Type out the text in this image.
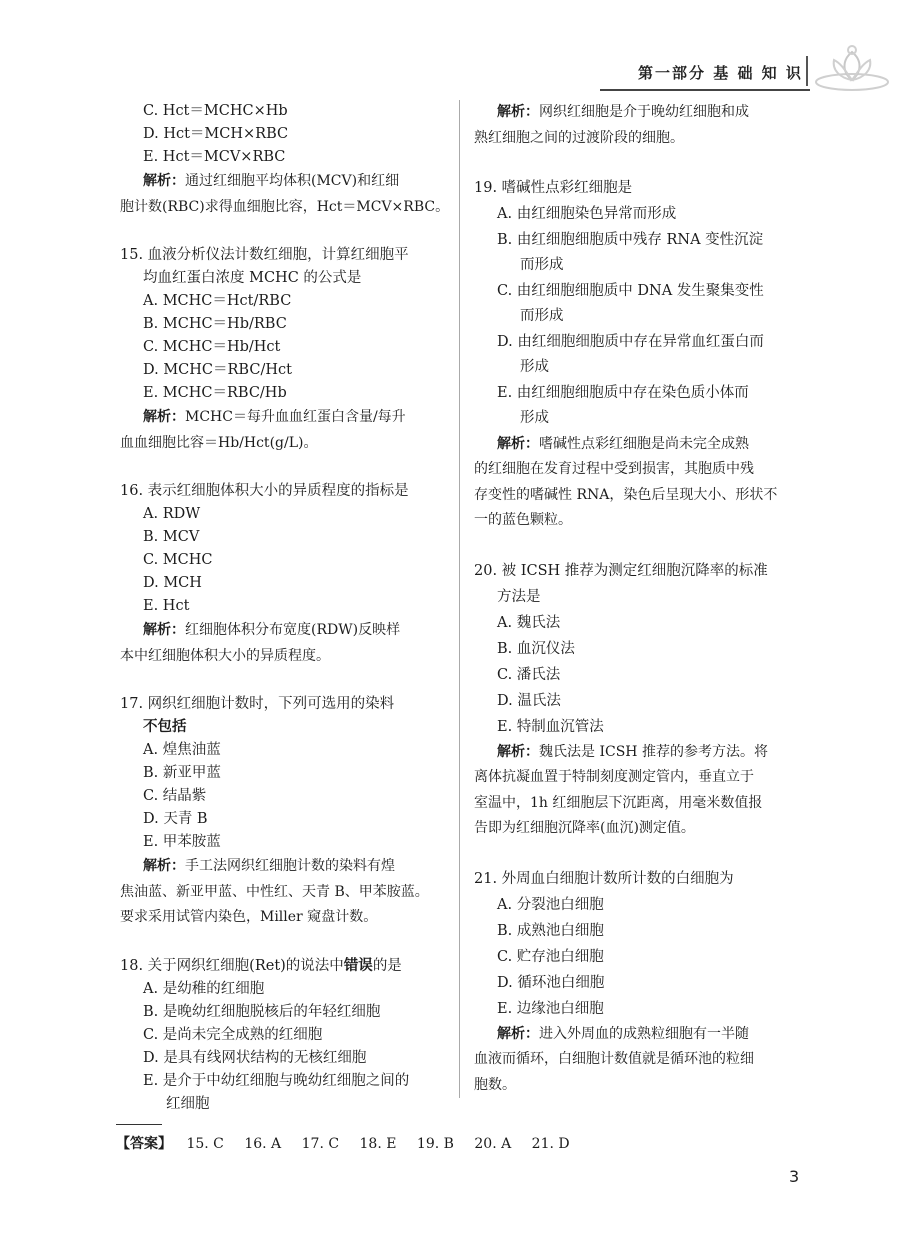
第一部分 基 础 知 识
C. Hct＝MCHC×Hb
D. Hct＝MCH×RBC
E. Hct＝MCV×RBC
解析：通过红细胞平均体积(MCV)和红细
胞计数(RBC)求得血细胞比容，Hct＝MCV×RBC。
15. 血液分析仪法计数红细胞，计算红细胞平
均血红蛋白浓度 MCHC 的公式是
A. MCHC＝Hct/RBC
B. MCHC＝Hb/RBC
C. MCHC＝Hb/Hct
D. MCHC＝RBC/Hct
E. MCHC＝RBC/Hb
解析：MCHC＝每升血血红蛋白含量/每升
血血细胞比容＝Hb/Hct(g/L)。
16. 表示红细胞体积大小的异质程度的指标是
A. RDW
B. MCV
C. MCHC
D. MCH
E. Hct
解析：红细胞体积分布宽度(RDW)反映样
本中红细胞体积大小的异质程度。
17. 网织红细胞计数时，下列可选用的染料
不包括
A. 煌焦油蓝
B. 新亚甲蓝
C. 结晶紫
D. 天青 B
E. 甲苯胺蓝
解析：手工法网织红细胞计数的染料有煌
焦油蓝、新亚甲蓝、中性红、天青 B、甲苯胺蓝。
要求采用试管内染色，Miller 窥盘计数。
18. 关于网织红细胞(Ret)的说法中错误的是
A. 是幼稚的红细胞
B. 是晚幼红细胞脱核后的年轻红细胞
C. 是尚未完全成熟的红细胞
D. 是具有线网状结构的无核红细胞
E. 是介于中幼红细胞与晚幼红细胞之间的
红细胞
解析：网织红细胞是介于晚幼红细胞和成
熟红细胞之间的过渡阶段的细胞。
19. 嗜碱性点彩红细胞是
A. 由红细胞染色异常而形成
B. 由红细胞细胞质中残存 RNA 变性沉淀
而形成
C. 由红细胞细胞质中 DNA 发生聚集变性
而形成
D. 由红细胞细胞质中存在异常血红蛋白而
形成
E. 由红细胞细胞质中存在染色质小体而
形成
解析：嗜碱性点彩红细胞是尚未完全成熟
的红细胞在发育过程中受到损害，其胞质中残
存变性的嗜碱性 RNA，染色后呈现大小、形状不
一的蓝色颗粒。
20. 被 ICSH 推荐为测定红细胞沉降率的标准
方法是
A. 魏氏法
B. 血沉仪法
C. 潘氏法
D. 温氏法
E. 特制血沉管法
解析：魏氏法是 ICSH 推荐的参考方法。将
离体抗凝血置于特制刻度测定管内，垂直立于
室温中，1h 红细胞层下沉距离，用毫米数值报
告即为红细胞沉降率(血沉)测定值。
21. 外周血白细胞计数所计数的白细胞为
A. 分裂池白细胞
B. 成熟池白细胞
C. 贮存池白细胞
D. 循环池白细胞
E. 边缘池白细胞
解析：进入外周血的成熟粒细胞有一半随
血液而循环，白细胞计数值就是循环池的粒细
胞数。
【答案】 15. C 16. A 17. C 18. E 19. B 20. A 21. D
3
